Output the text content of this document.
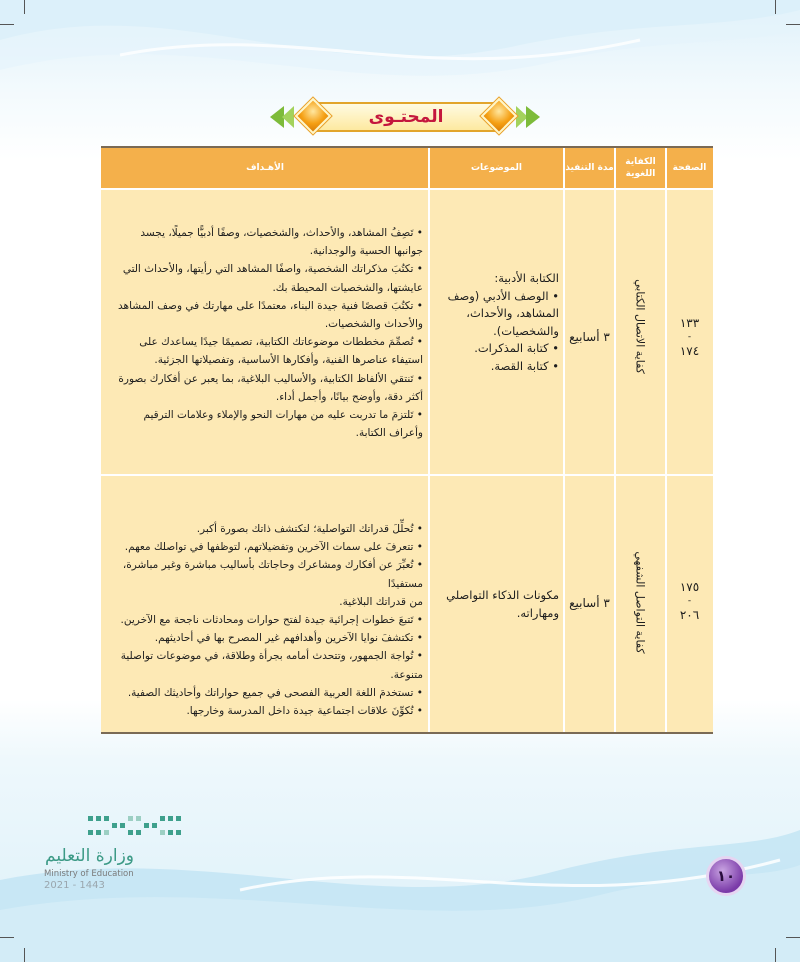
المحتـوى
الصفحة
الكفاية اللغوية
مدة التنفيذ
الموضوعات
الأهـداف
١٣٣
-
١٧٤
كفاية الاتصال الكتابي
٣ أسابيع

الكتابة الأدبية:

• الوصف الأدبي (وصف

المشاهد، والأحداث،

والشخصيات).

• كتابة المذكرات.

• كتابة القصة.

• تَصِفُ المشاهد، والأحداث، والشخصيات، وصفًا أدبيًّا جميلًا، يجسد

جوانبها الحسية والوجدانية.

• تكتُبَ مذكراتك الشخصية، واصفًا المشاهد التي رأيتها، والأحداث التي

عايشتها، والشخصيات المحيطة بك.

• تكتُبَ قصصًا فنية جيدة البناء، معتمدًا على مهارتك في وصف المشاهد

والأحداث والشخصيات.

• تُصمِّمَ مخططات موضوعاتك الكتابية، تصميمًا جيدًا يساعدك على

استيفاء عناصرها الفنية، وأفكارها الأساسية، وتفصيلاتها الجزئية.

• تَنتقي الألفاظ الكتابية، والأساليب البلاغية، بما يعبر عن أفكارك بصورة

أكثر دقة، وأوضح بيانًا، وأجمل أداء.

• تَلتزمَ ما تدربت عليه من مهارات النحو والإملاء وعلامات الترقيم

وأعراف الكتابة.

١٧٥
-
٢٠٦
كفاية التواصل الشفهي
٣ أسابيع

مكونات الذكاء التواصلي

ومهاراته.

• تُحلِّلَ قدراتك التواصلية؛ لتكتشف ذاتك بصورة أكبر.

• تتعرفَ على سمات الآخرين وتفضيلاتهم، لتوظفها في تواصلك معهم.

• تُعبِّرَ عن أفكارك ومشاعرك وحاجاتك بأساليب مباشرة وغير مباشرة، مستفيدًا

من قدراتك البلاغية.

• تَتبعَ خطوات إجرائية جيدة لفتح حوارات ومحادثات ناجحة مع الآخرين.

• تكتشفَ نوايا الآخرين وأهدافهم غير المصرح بها في أحاديثهم.

• تُواجهَ الجمهور، وتتحدث أمامه بجرأة وطلاقة، في موضوعات تواصلية متنوعة.

• تستخدمَ اللغة العربية الفصحى في جميع حواراتك وأحاديثك الصفية.

• تُكوِّنَ علاقات اجتماعية جيدة داخل المدرسة وخارجها.

وزارة التعليم
Ministry of Education
2021 - 1443
١٠
